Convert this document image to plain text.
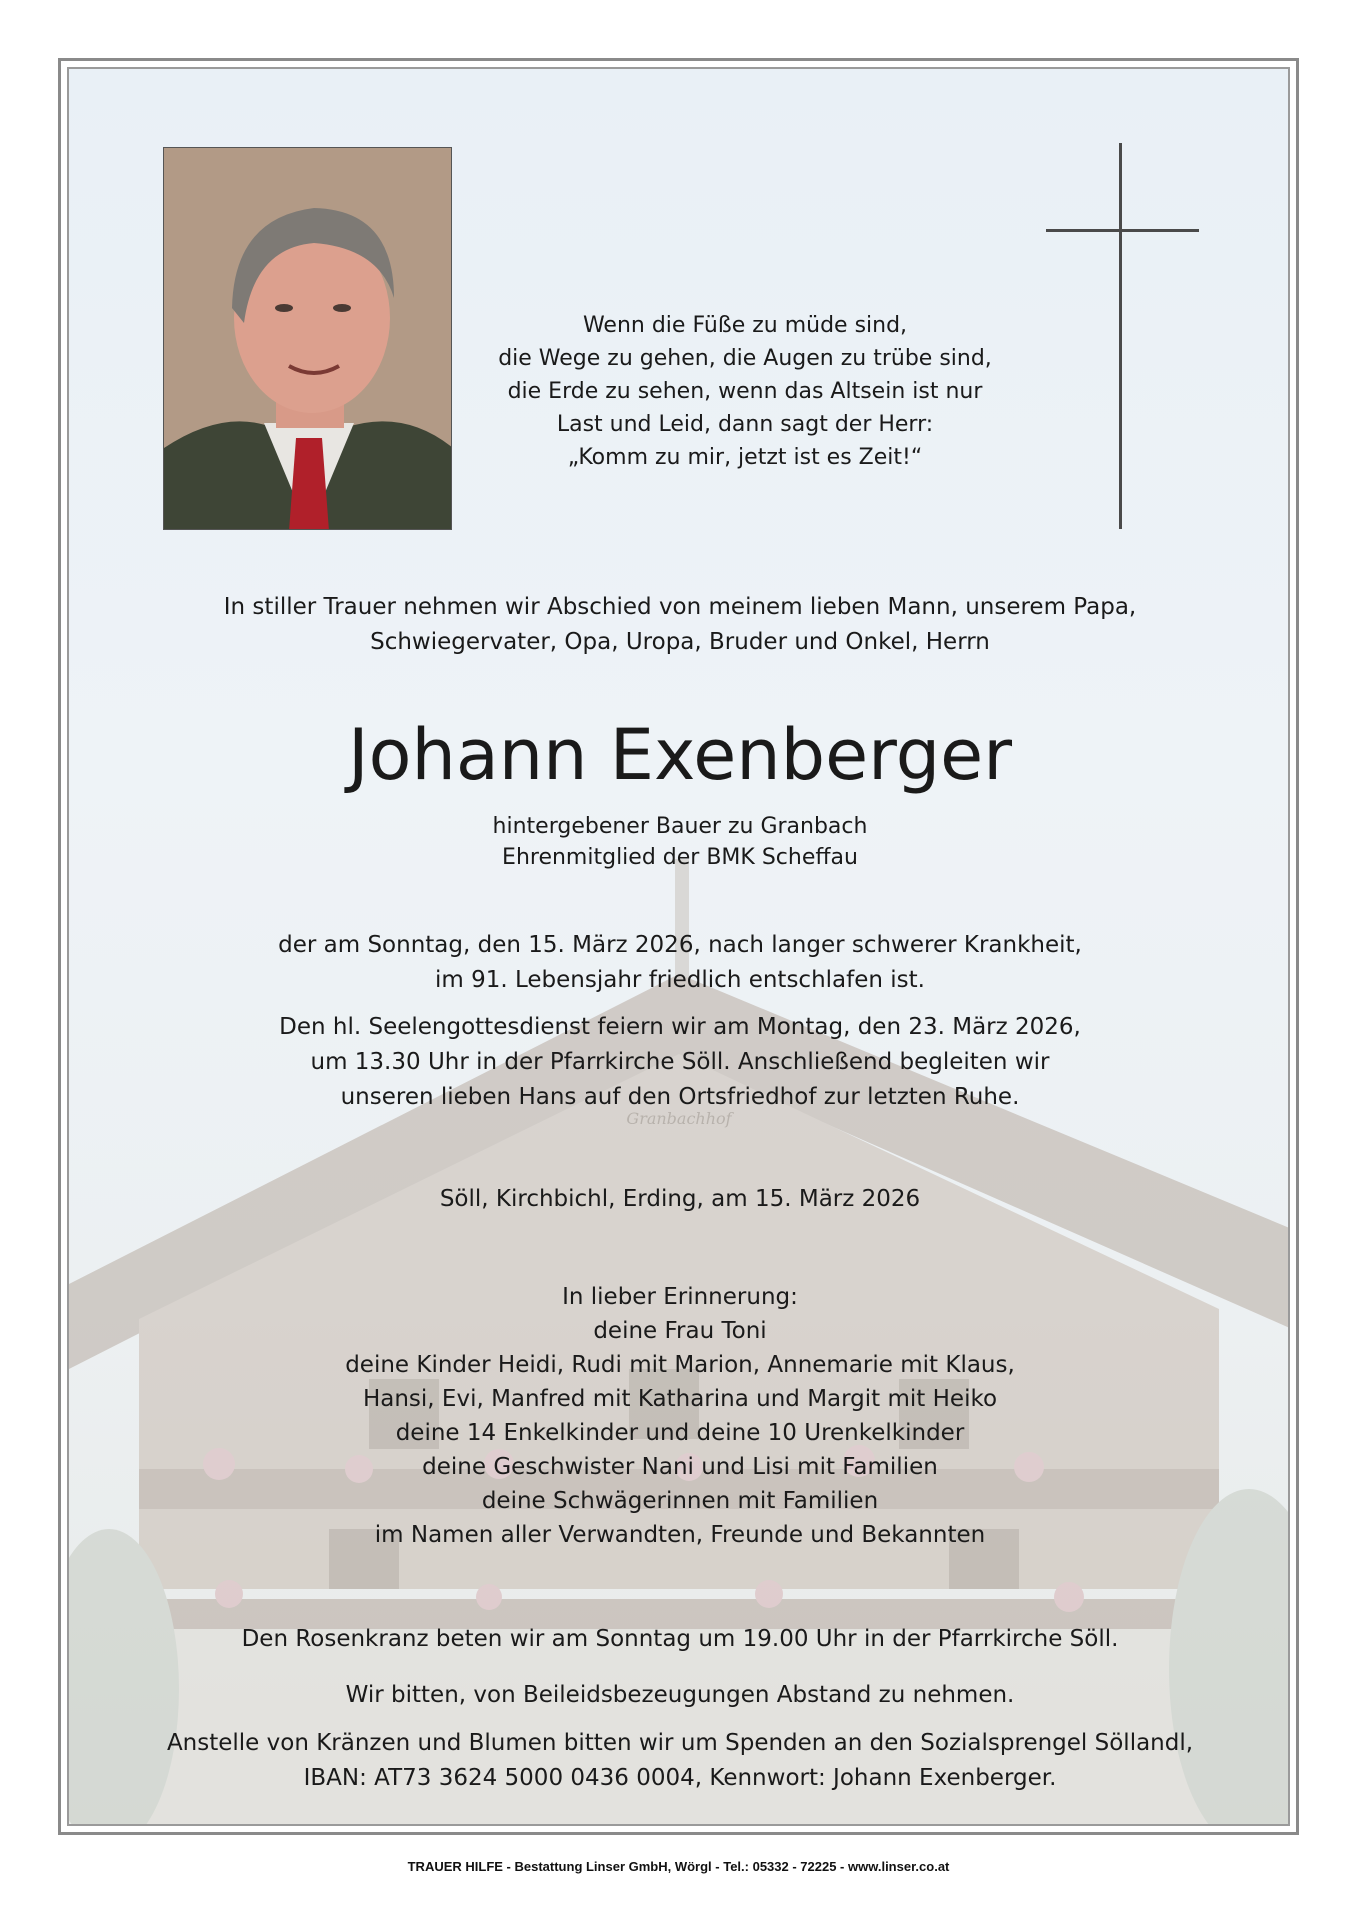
Granbachhof
Wenn die Füße zu müde sind,
die Wege zu gehen, die Augen zu trübe sind,
die Erde zu sehen, wenn das Altsein ist nur
Last und Leid, dann sagt der Herr:
„Komm zu mir, jetzt ist es Zeit!“
In stiller Trauer nehmen wir Abschied von meinem lieben Mann, unserem Papa,
Schwiegervater, Opa, Uropa, Bruder und Onkel, Herrn
Johann Exenberger
hintergebener Bauer zu Granbach
Ehrenmitglied der BMK Scheffau
der am Sonntag, den 15. März 2026, nach langer schwerer Krankheit,
im 91. Lebensjahr friedlich entschlafen ist.
Den hl. Seelengottesdienst feiern wir am Montag, den 23. März 2026,
um 13.30 Uhr in der Pfarrkirche Söll. Anschließend begleiten wir
unseren lieben Hans auf den Ortsfriedhof zur letzten Ruhe.
Söll, Kirchbichl, Erding, am 15. März 2026
In lieber Erinnerung:
deine Frau Toni
deine Kinder Heidi, Rudi mit Marion, Annemarie mit Klaus,
Hansi, Evi, Manfred mit Katharina und Margit mit Heiko
deine 14 Enkelkinder und deine 10 Urenkelkinder
deine Geschwister Nani und Lisi mit Familien
deine Schwägerinnen mit Familien
im Namen aller Verwandten, Freunde und Bekannten
Den Rosenkranz beten wir am Sonntag um 19.00 Uhr in der Pfarrkirche Söll.
Wir bitten, von Beileidsbezeugungen Abstand zu nehmen.
Anstelle von Kränzen und Blumen bitten wir um Spenden an den Sozialsprengel Söllandl,
IBAN: AT73 3624 5000 0436 0004, Kennwort: Johann Exenberger.
TRAUER HILFE - Bestattung Linser GmbH, Wörgl - Tel.: 05332 - 72225 - www.linser.co.at
